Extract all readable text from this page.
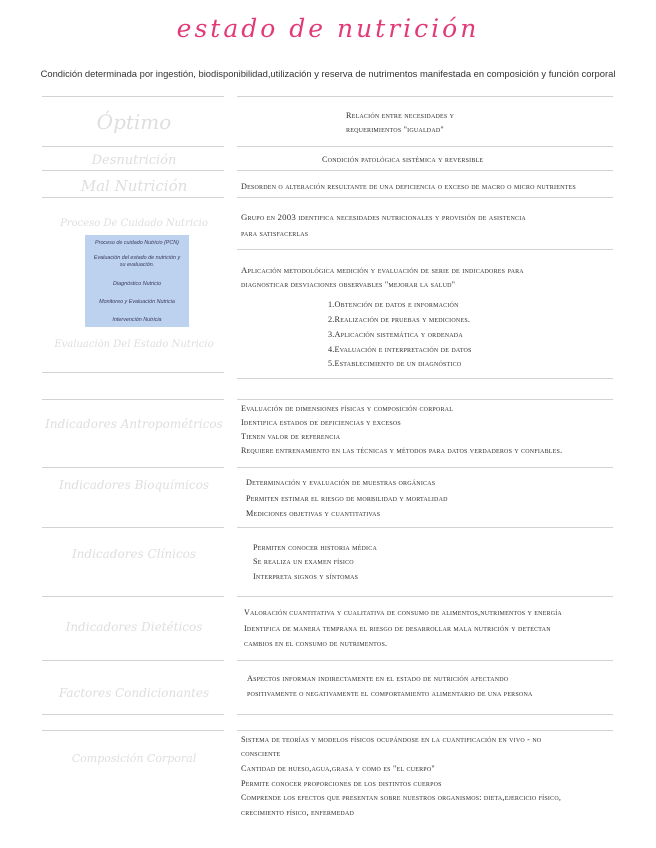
estado de nutrición
Condición determinada por ingestión, biodisponibilidad,utilización y reserva de nutrimentos manifestada en composición y función corporal
Óptimo
Desnutrición
Mal Nutrición
Proceso De Cuidado Nutricio
Evaluación Del Estado Nutricio
Indicadores Antropométricos
Indicadores Bioquímicos
Indicadores Clínicos
Indicadores Dietéticos
Factores Condicionantes
Composición Corporal
Proceso de cuidado Nutricio (PCN)
Evaluación del estado de nutrición y
su evaluación.
Diagnóstico Nutricio
Monitoreo y Evaluación Nutricia
Intervención Nutricia
Relación entre necesidades y
requerimientos "igualdad"
Condición patológica sistémica y reversible
Desorden o alteración resultante de una deficiencia o exceso de macro o micro nutrientes
Grupo en 2003 identifica necesidades nutricionales y provisión de asistencia
para satisfacerlas
Aplicación metodológica medición y evaluación de serie de indicadores para
diagnosticar desviaciones observables "mejorar la salud"
1.Obtención de datos e información
2.Realización de pruebas y mediciones.
3.Aplicación sistemática y ordenada
4.Evaluación e interpretación de datos
5.Establecimiento de un diagnóstico
Evaluación de dimensiones físicas y composición corporal
Identifica estados de deficiencias y excesos
Tienen valor de referencia
Requiere entrenamiento en las técnicas y métodos para datos verdaderos y confiables.
Determinación y evaluación de muestras orgánicas
Permiten estimar el riesgo de morbilidad y mortalidad
Mediciones objetivas y cuantitativas
Permiten conocer historia médica
Se realiza un examen físico
Interpreta signos y síntomas
Valoración cuantitativa y cualitativa de consumo de alimentos,nutrimentos y energía
Identifica de manera temprana el riesgo de desarrollar mala nutrición y detectan
cambios en el consumo de nutrimentos.
Aspectos informan indirectamente en el estado de nutrición afectando
positivamente o negativamente el comportamiento alimentario de una persona
Sistema de teorías y modelos físicos ocupándose en la cuantificación en vivo - no
consciente
Cantidad de hueso,agua,grasa y como es "el cuerpo"
Permite conocer proporciones de los distintos cuerpos
Comprende los efectos que presentan sobre nuestros organismos: dieta,ejercicio físico,
crecimiento físico, enfermedad
